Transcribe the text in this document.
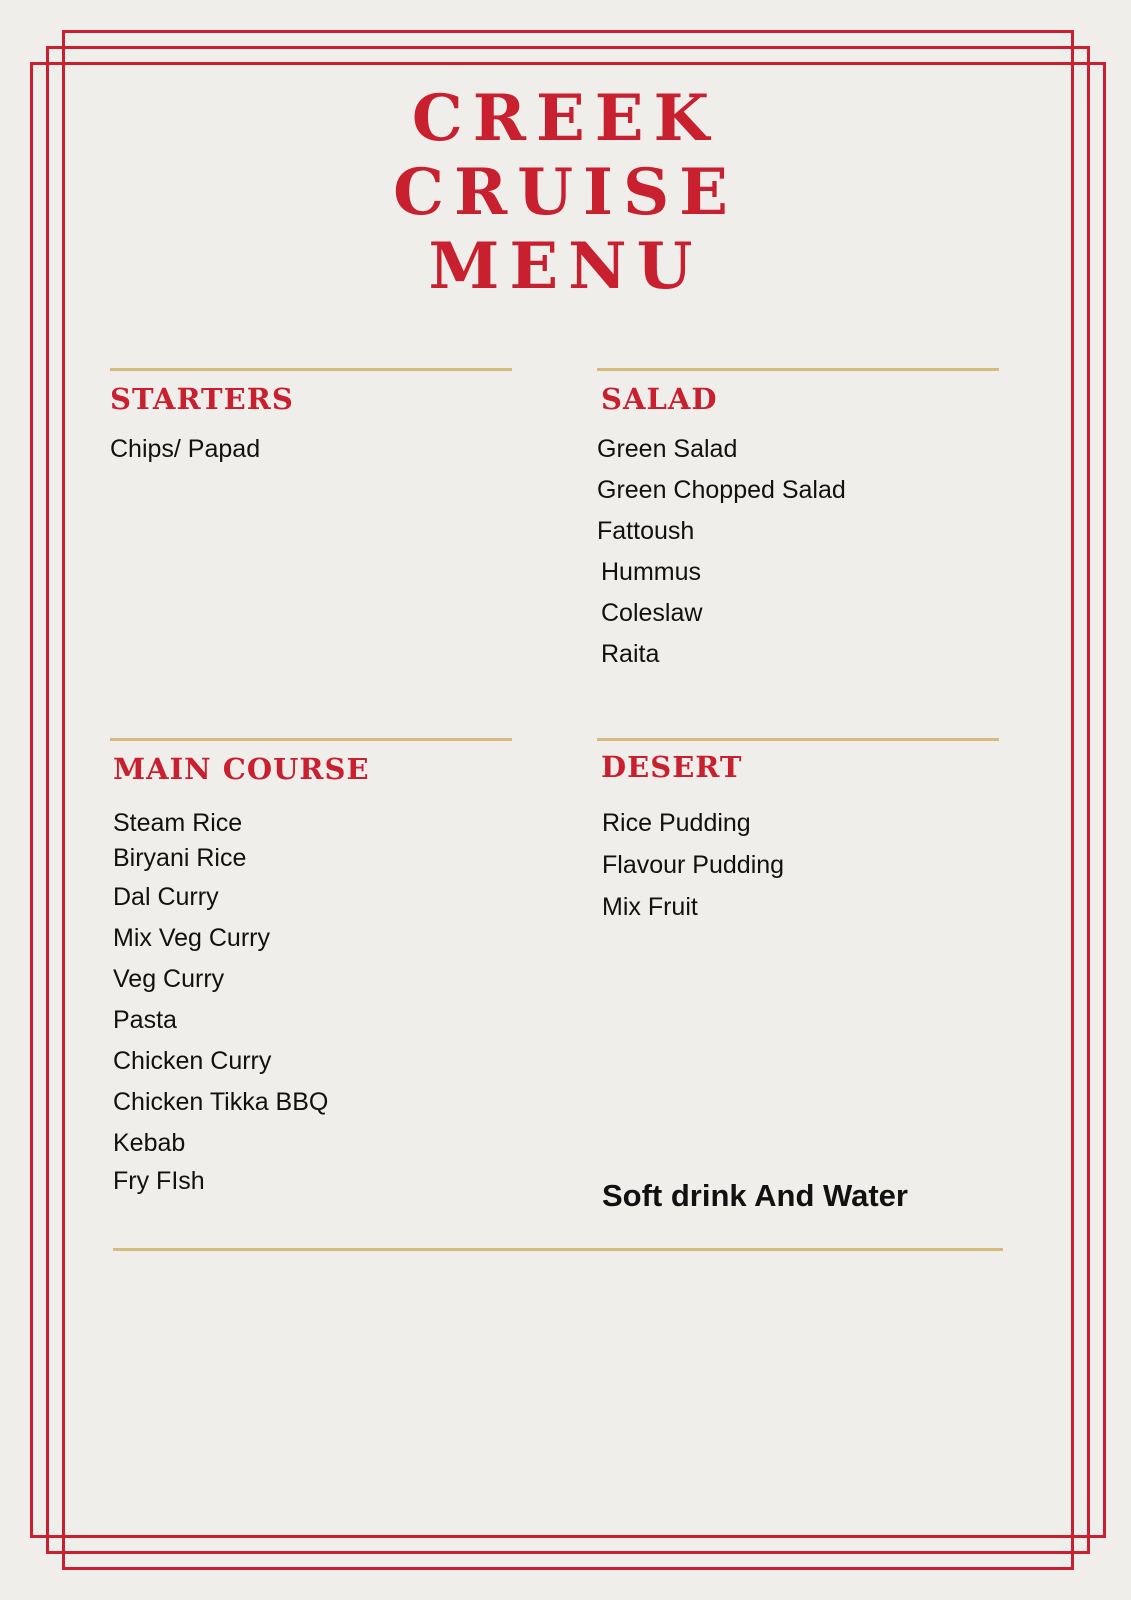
CREEK
CRUISE
MENU
STARTERS
Chips/ Papad
SALAD
Green Salad
Green Chopped Salad
Fattoush
Hummus
Coleslaw
Raita
MAIN COURSE
Steam Rice
Biryani Rice
Dal Curry
Mix Veg Curry
Veg Curry
Pasta
Chicken Curry
Chicken Tikka BBQ
Kebab
Fry FIsh
DESERT
Rice Pudding
Flavour Pudding
Mix Fruit
Soft drink And Water
